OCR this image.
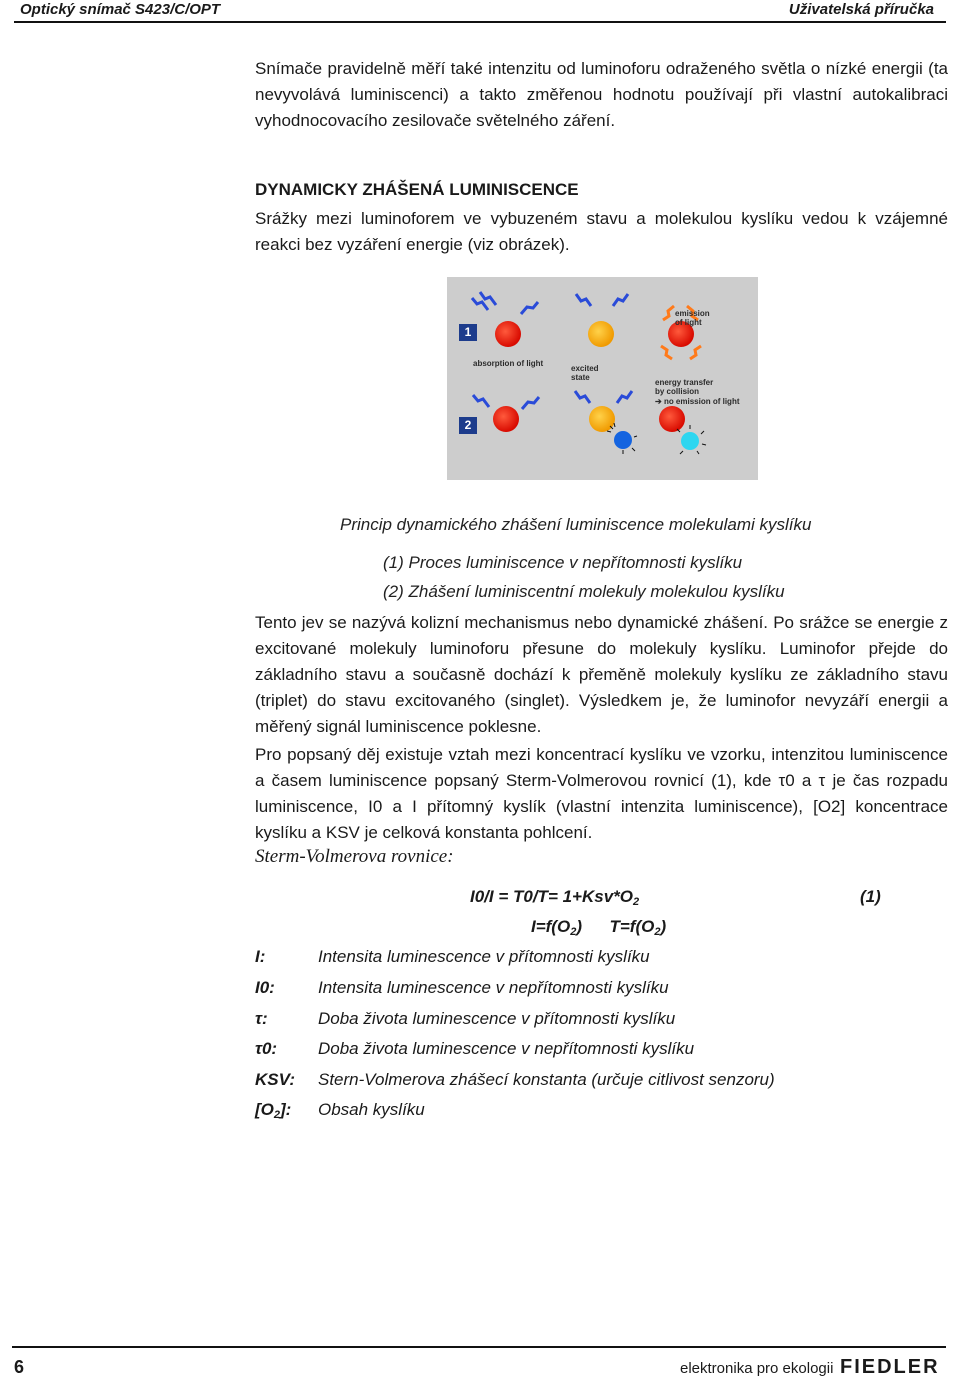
Optický snímač S423/C/OPT	Uživatelská příručka

Snímače pravidelně měří také intenzitu od luminoforu odraženého světla o nízké energii (ta nevyvolává luminiscenci) a takto změřenou hodnotu používají při vlastní autokalibraci vyhodnocovacího zesilovače světelného záření.

DYNAMICKY ZHÁŠENÁ LUMINISCENCE

Srážky mezi luminoforem ve vybuzeném stavu a molekulou kyslíku vedou k vzájemné reakci bez vyzáření energie (viz obrázek).

1
2
absorption of light
excited state
emission of light
energy transfer by collision
➔ no emission of light
Princip dynamického zhášení luminiscence molekulami kyslíku
(1) Proces luminiscence v nepřítomnosti kyslíku
(2) Zhášení luminiscentní molekuly molekulou kyslíku

Tento jev se nazývá kolizní mechanismus nebo dynamické zhášení. Po srážce se energie z excitované molekuly luminoforu přesune do molekuly kyslíku. Luminofor přejde do základního stavu a současně dochází k přeměně molekuly kyslíku ze základního stavu (triplet) do stavu excitovaného (singlet). Výsledkem je, že luminofor nevyzáří energii a měřený signál luminiscence poklesne.

Pro popsaný děj existuje vztah mezi koncentrací kyslíku ve vzorku, intenzitou luminiscence a časem luminiscence popsaný Sterm-Volmerovou rovnicí (1), kde τ0 a τ je čas rozpadu luminiscence, I0 a I přítomný kyslík (vlastní intenzita luminiscence), [O2] koncentrace kyslíku a KSV je celková konstanta pohlcení.

Sterm-Volmerova rovnice:
$I0/I = T0/T= 1+Ksv*O_2$	(1)
$I=f(O_2)$ $T=f(O_2)$
I:	Intensita luminescence v přítomnosti kyslíku
I0:	Intensita luminescence v nepřítomnosti kyslíku
τ:	Doba života luminescence v přítomnosti kyslíku
τ0: Doba života luminescence v nepřítomnosti kyslíku
KSV: Stern-Volmerova zhášecí konstanta (určuje citlivost senzoru)
$[O_2]$: Obsah kyslíku
6	elektronika pro ekologii FIEDLER
